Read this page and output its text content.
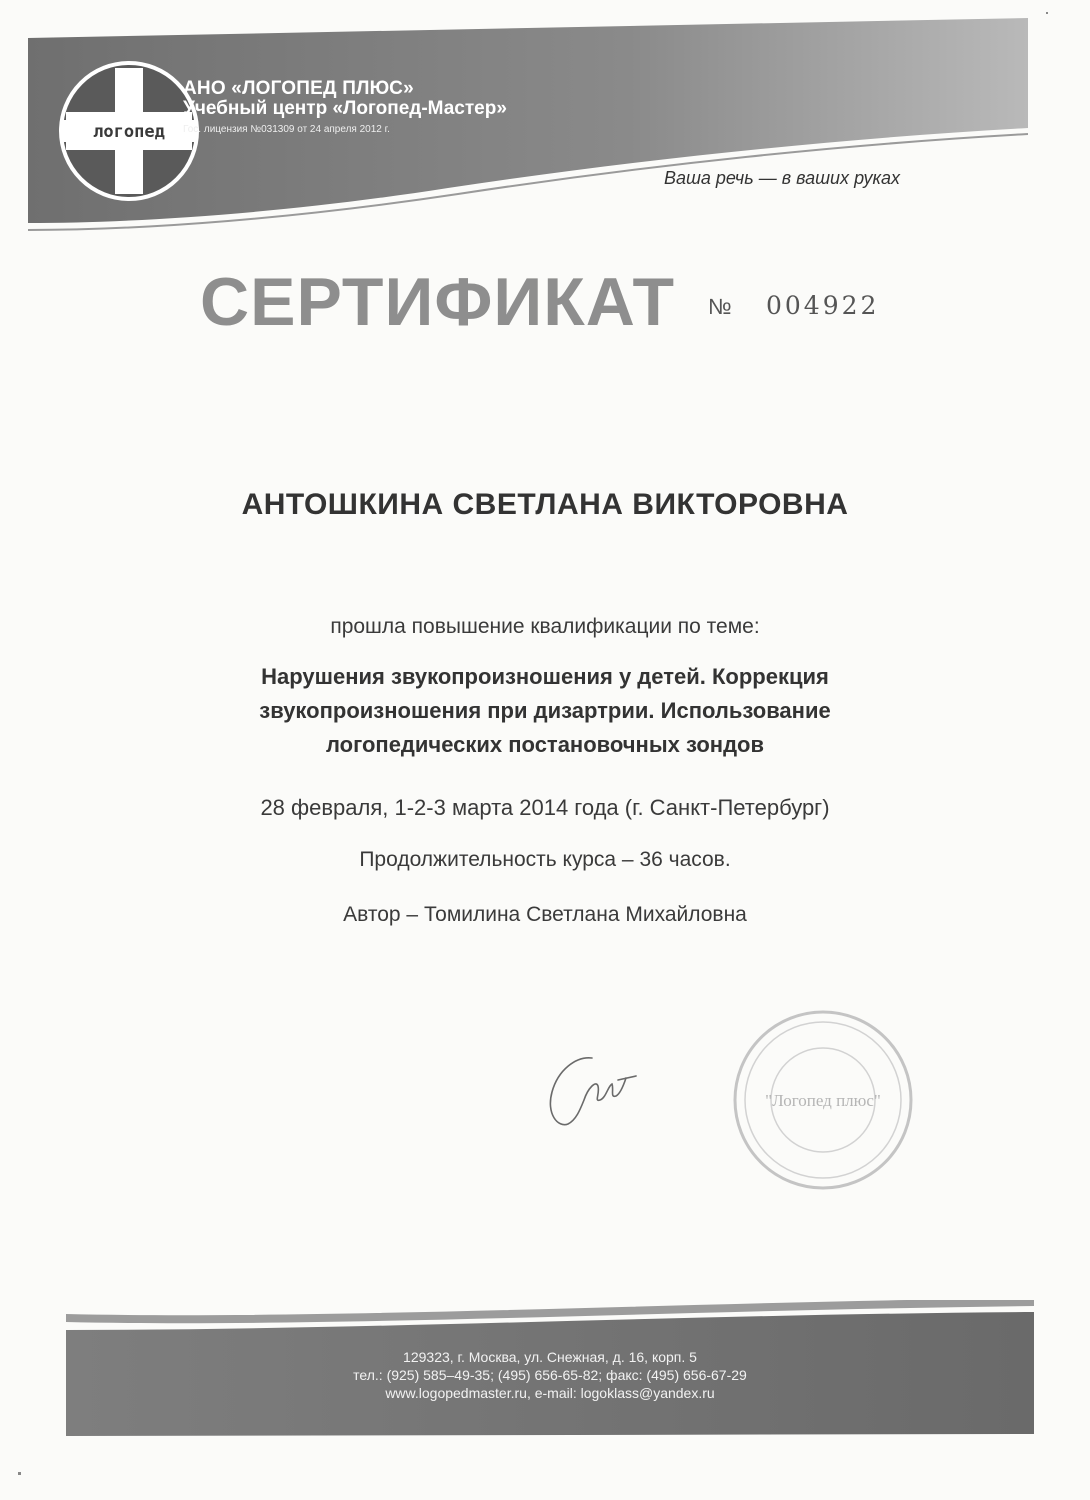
логопед
АНО «ЛОГОПЕД ПЛЮС»
Учебный центр «Логопед-Мастер»
Гос. лицензия №031309 от 24 апреля 2012 г.
Ваша речь — в ваших руках
СЕРТИФИКАТ № 004922
АНТОШКИНА СВЕТЛАНА ВИКТОРОВНА
прошла повышение квалификации по теме:
Нарушения звукопроизношения у детей. Коррекция
звукопроизношения при дизартрии. Использование
логопедических постановочных зондов
28 февраля, 1-2-3 марта 2014 года (г. Санкт-Петербург)
Продолжительность курса – 36 часов.
Автор – Томилина Светлана Михайловна
"Логопед плюс"
129323, г. Москва, ул. Снежная, д. 16, корп. 5
тел.: (925) 585–49-35; (495) 656-65-82; факс: (495) 656-67-29
www.logopedmaster.ru, e-mail: logoklass@yandex.ru
